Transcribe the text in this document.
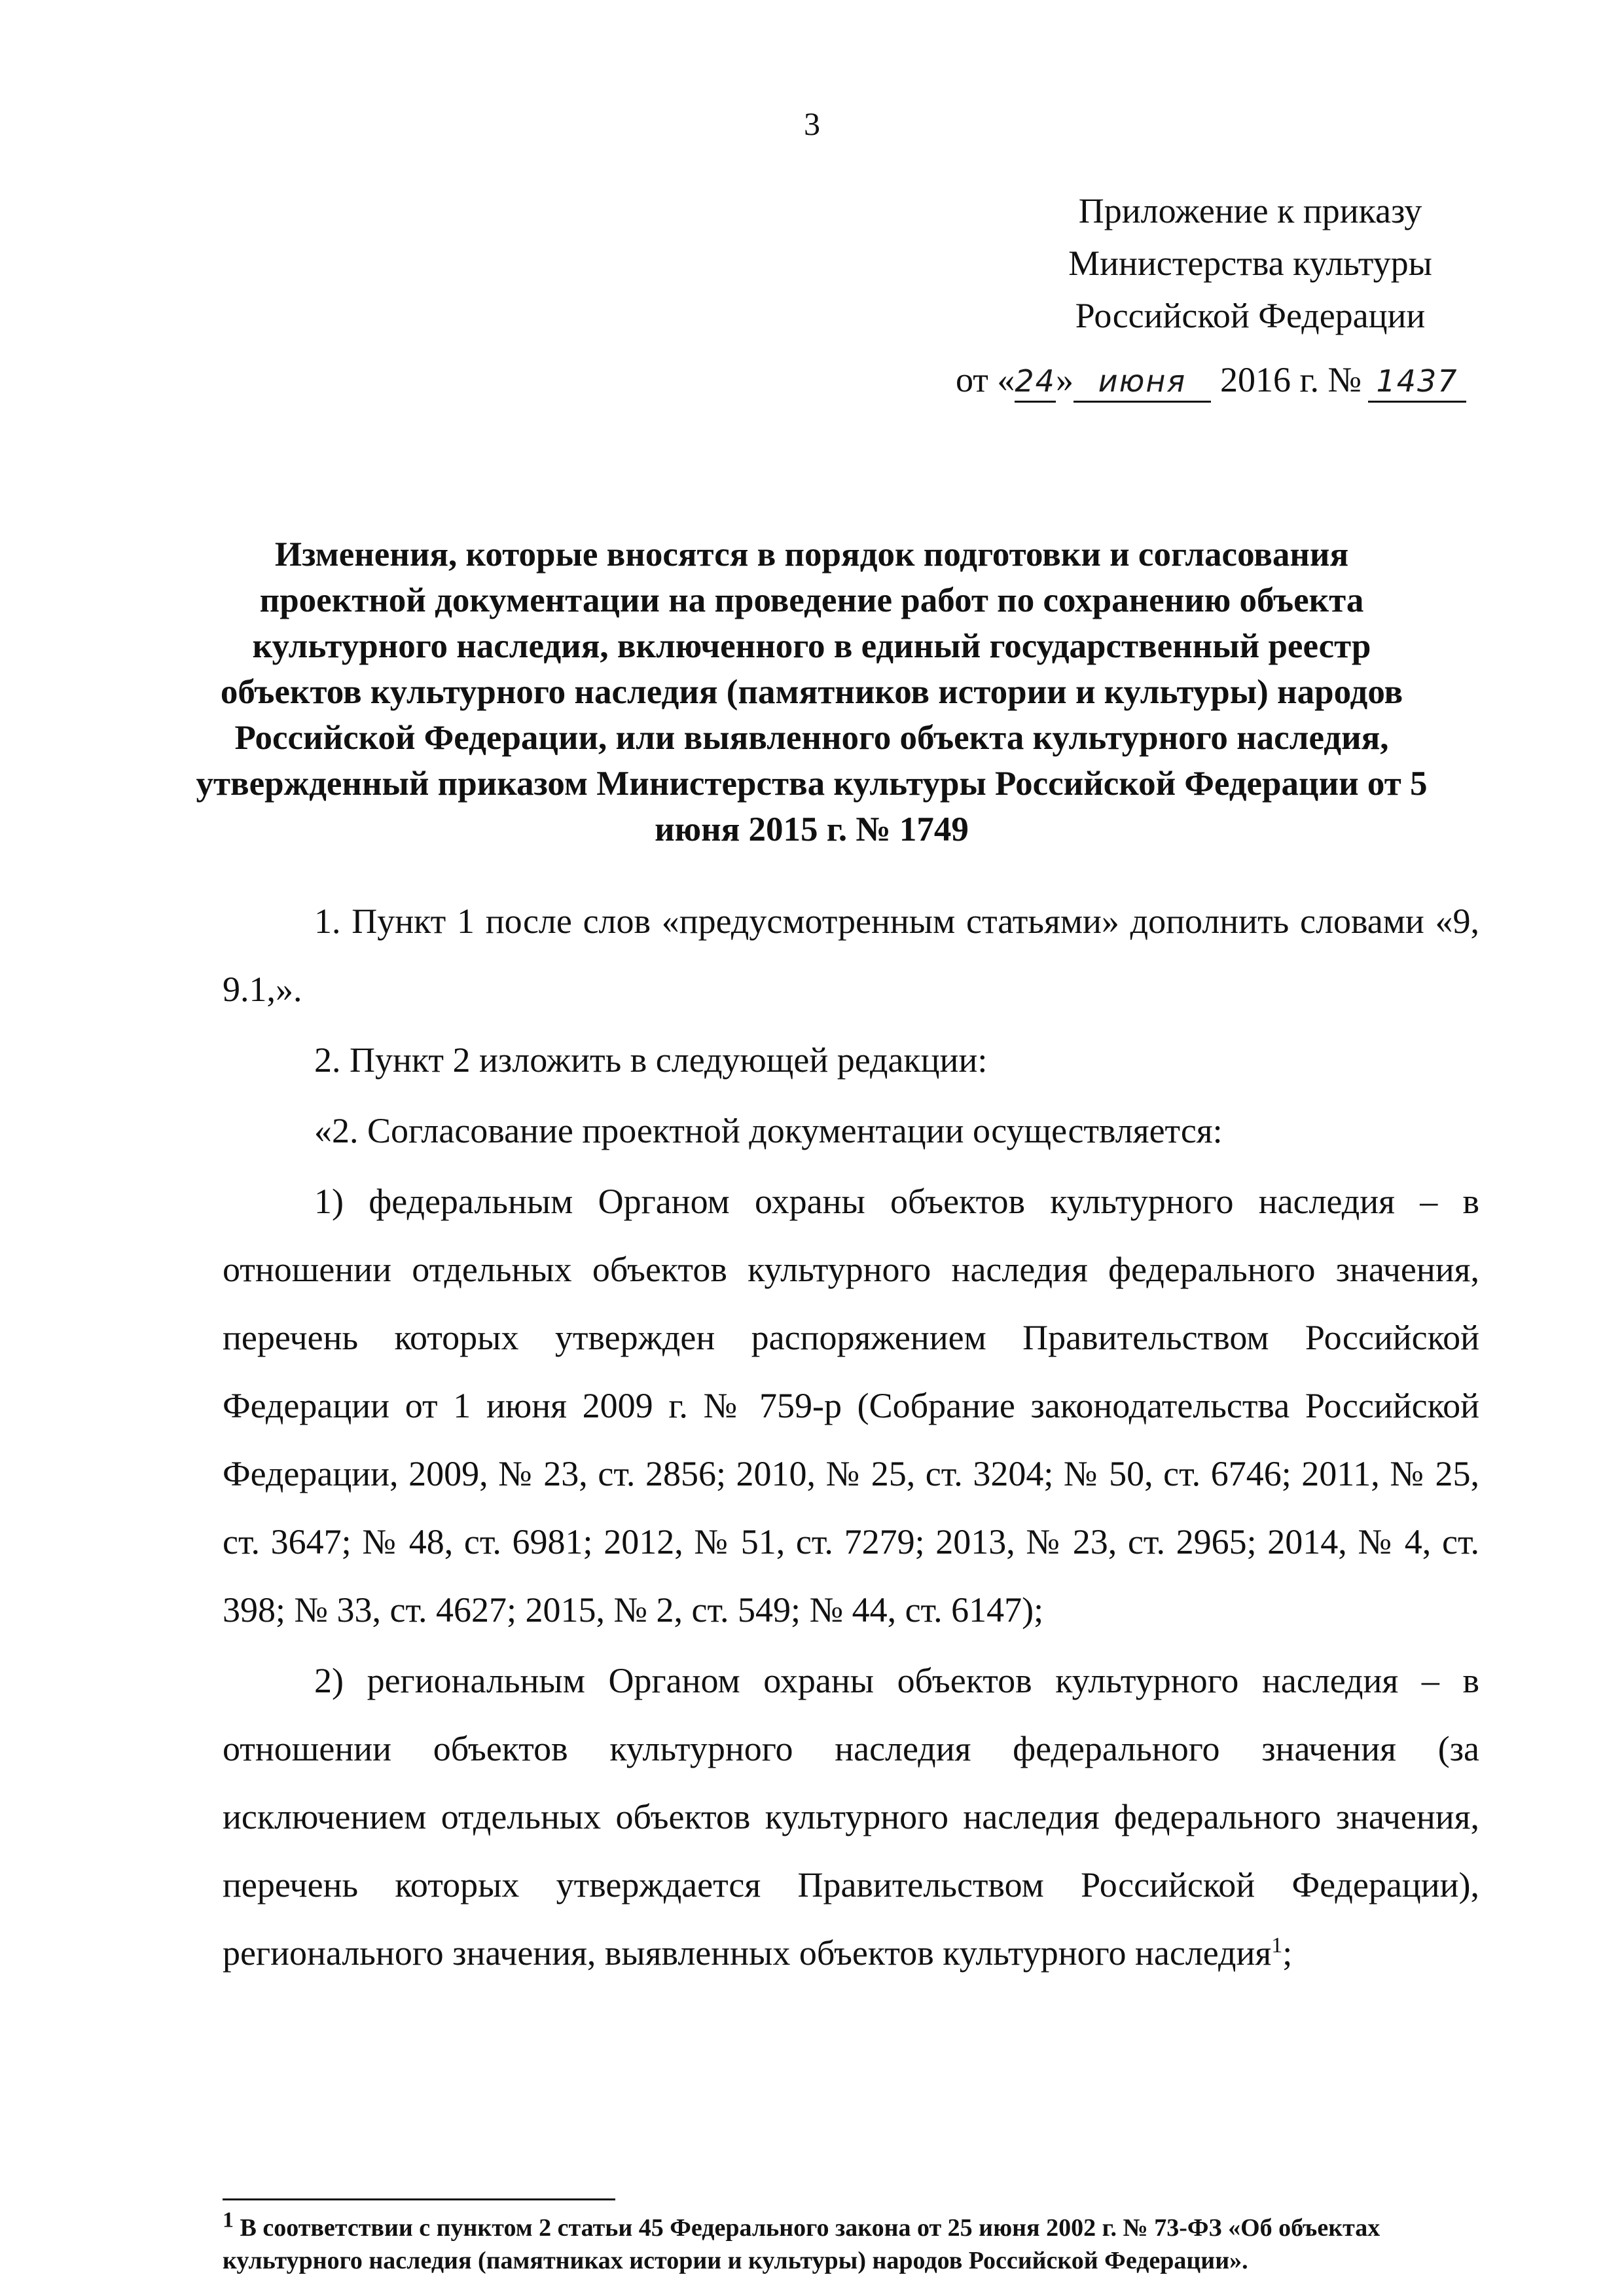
3
Приложение к приказу
Министерства культуры
Российской Федерации
от «24» июня 2016 г. № 1437
Изменения, которые вносятся в порядок подготовки и согласования проектной документации на проведение работ по сохранению объекта культурного наследия, включенного в единый государственный реестр объектов культурного наследия (памятников истории и культуры) народов Российской Федерации, или выявленного объекта культурного наследия, утвержденный приказом Министерства культуры Российской Федерации от 5 июня 2015 г. № 1749

1. Пункт 1 после слов «предусмотренным статьями» дополнить словами «9, 9.1,».

2. Пункт 2 изложить в следующей редакции:

«2. Согласование проектной документации осуществляется:

1) федеральным Органом охраны объектов культурного наследия – в отношении отдельных объектов культурного наследия федерального значения, перечень которых утвержден распоряжением Правительством Российской Федерации от 1 июня 2009 г. № 759-р (Собрание законодательства Российской Федерации, 2009, № 23, ст. 2856; 2010, № 25, ст. 3204; № 50, ст. 6746; 2011, № 25, ст. 3647; № 48, ст. 6981; 2012, № 51, ст. 7279; 2013, № 23, ст. 2965; 2014, № 4, ст. 398; № 33, ст. 4627; 2015, № 2, ст. 549; № 44, ст. 6147);

2) региональным Органом охраны объектов культурного наследия – в отношении объектов культурного наследия федерального значения (за исключением отдельных объектов культурного наследия федерального значения, перечень которых утверждается Правительством Российской Федерации), регионального значения, выявленных объектов культурного наследия$^1$;

$^1$ В соответствии с пунктом 2 статьи 45 Федерального закона от 25 июня 2002 г. № 73-ФЗ «Об объектах культурного наследия (памятниках истории и культуры) народов Российской Федерации».
